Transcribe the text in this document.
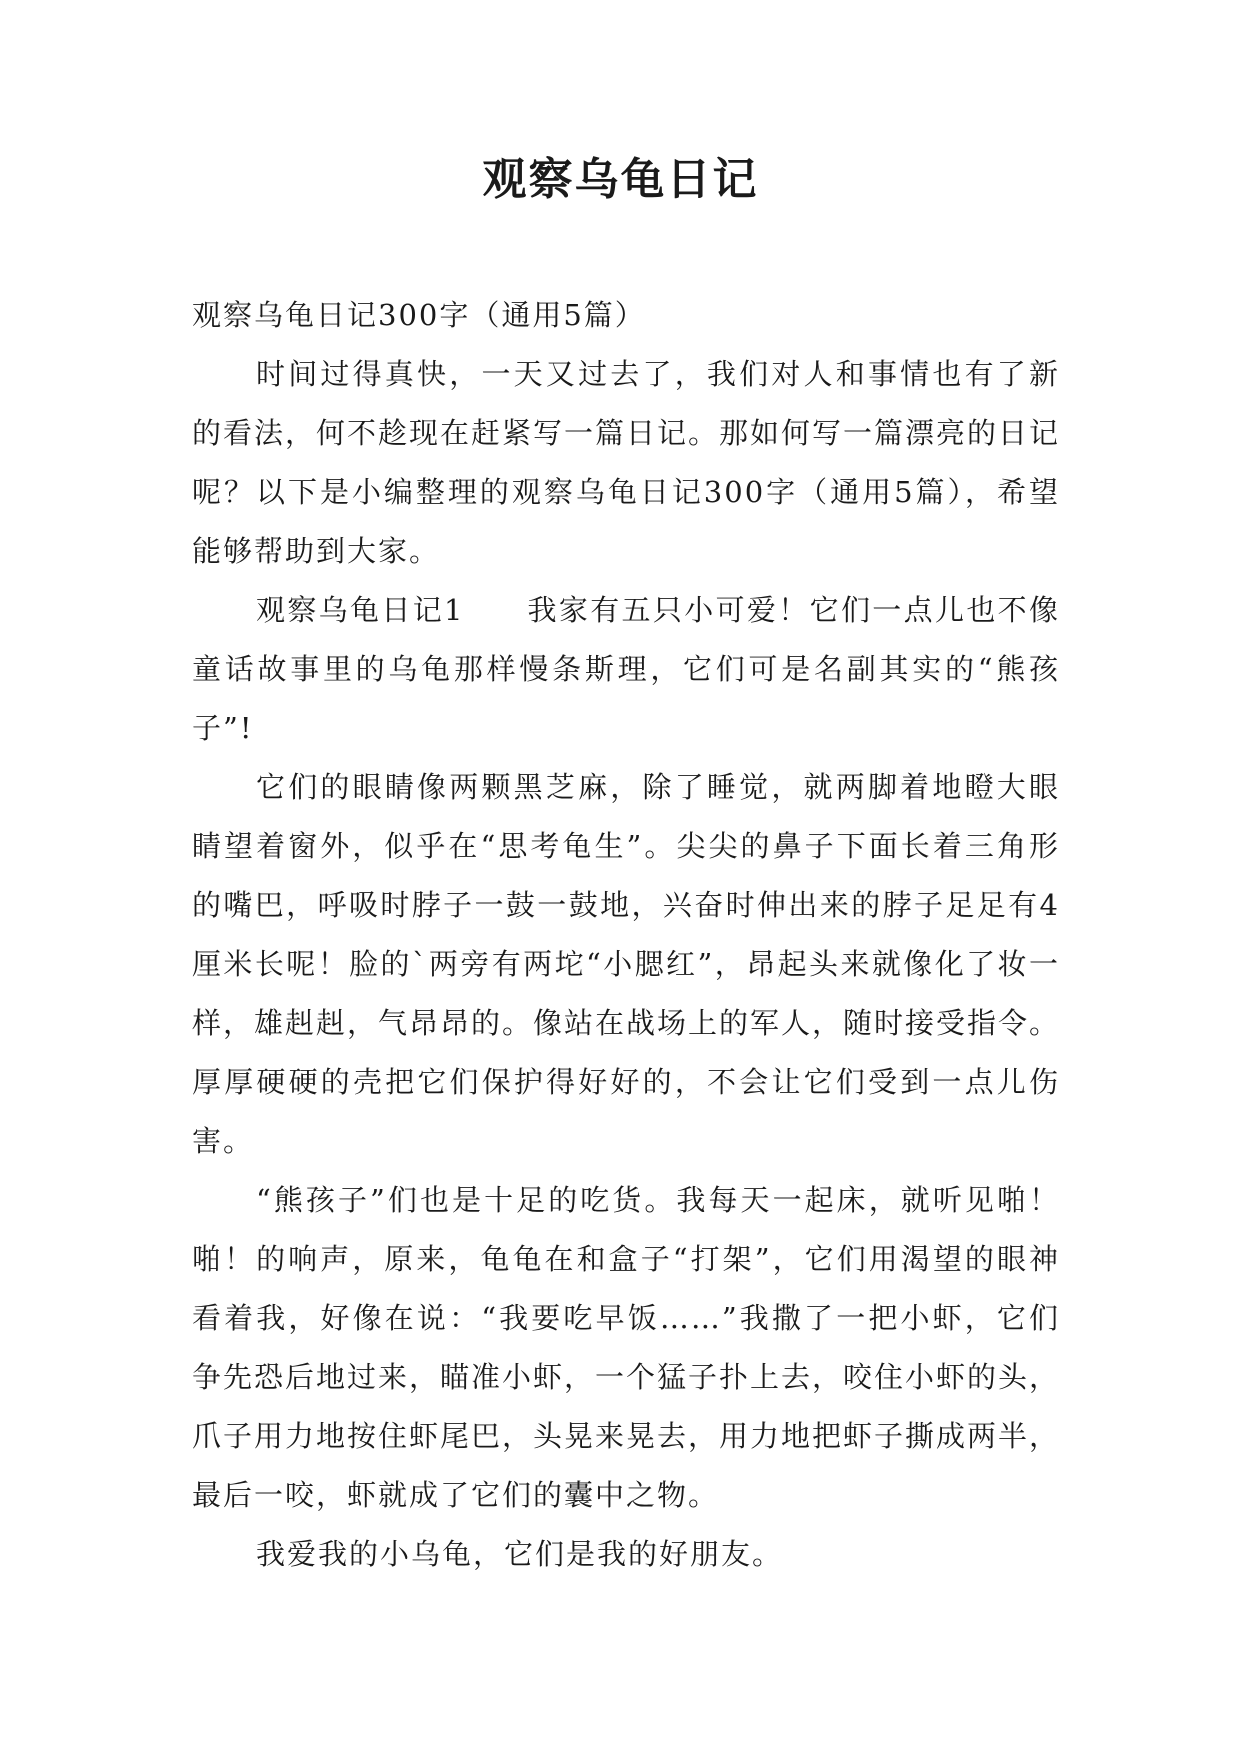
观察乌龟日记

观察乌龟日记300字（通用5篇）

时间过得真快，一天又过去了，我们对人和事情也有了新的看法，何不趁现在赶紧写一篇日记。那如何写一篇漂亮的日记呢？以下是小编整理的观察乌龟日记300字（通用5篇），希望能够帮助到大家。

观察乌龟日记1　　我家有五只小可爱！它们一点儿也不像童话故事里的乌龟那样慢条斯理，它们可是名副其实的“熊孩子”!

它们的眼睛像两颗黑芝麻，除了睡觉，就两脚着地瞪大眼睛望着窗外，似乎在“思考龟生”。尖尖的鼻子下面长着三角形的嘴巴，呼吸时脖子一鼓一鼓地，兴奋时伸出来的脖子足足有4厘米长呢！脸的`两旁有两坨“小腮红”，昂起头来就像化了妆一样，雄赳赳，气昂昂的。像站在战场上的军人，随时接受指令。厚厚硬硬的壳把它们保护得好好的，不会让它们受到一点儿伤害。

“熊孩子”们也是十足的吃货。我每天一起床，就听见啪！啪！的响声，原来，龟龟在和盒子“打架”，它们用渴望的眼神看着我，好像在说：“我要吃早饭……”我撒了一把小虾，它们争先恐后地过来，瞄准小虾，一个猛子扑上去，咬住小虾的头，爪子用力地按住虾尾巴，头晃来晃去，用力地把虾子撕成两半，最后一咬，虾就成了它们的囊中之物。

我爱我的小乌龟，它们是我的好朋友。
